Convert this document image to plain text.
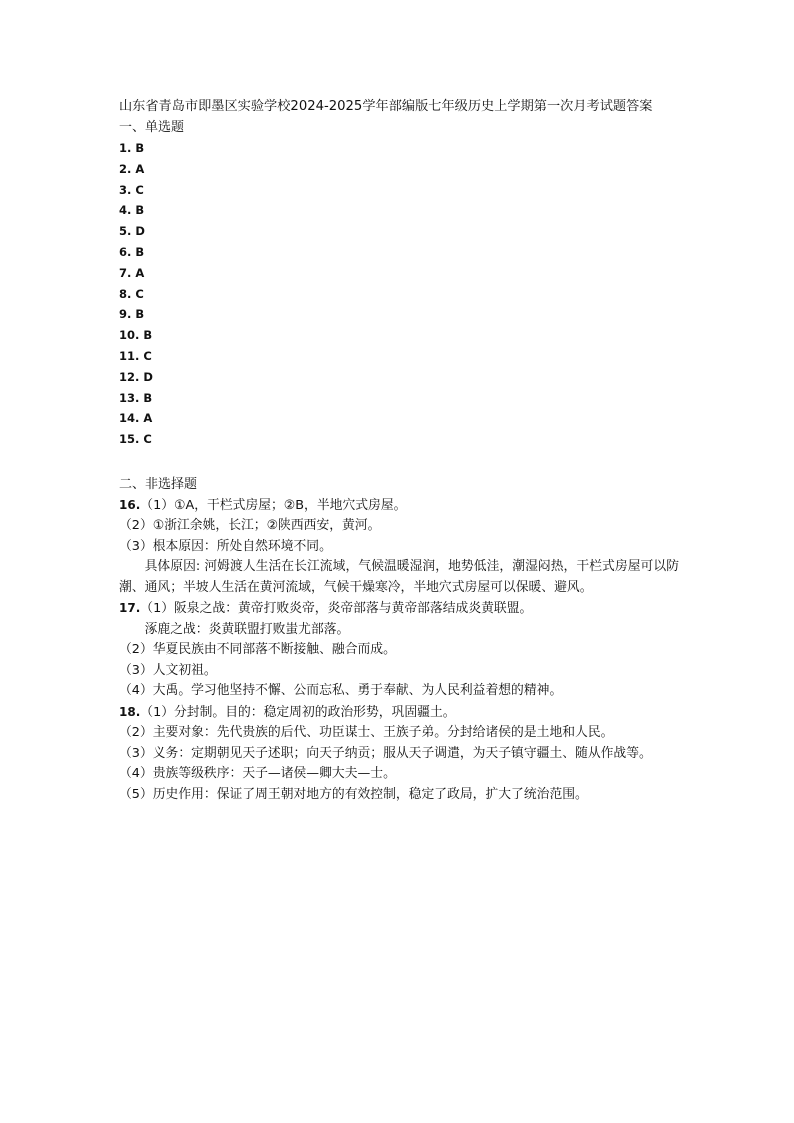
山东省青岛市即墨区实验学校2024-2025学年部编版七年级历史上学期第一次月考试题答案
一、单选题
1. B
2. A
3. C
4. B
5. D
6. B
7. A
8. C
9. B
10. B
11. C
12. D
13. B
14. A
15. C
二、非选择题

16.（1）①A，干栏式房屋；②B，半地穴式房屋。

（2）①浙江余姚，长江；②陕西西安，黄河。

（3）根本原因：所处自然环境不同。

具体原因: 河姆渡人生活在长江流域，气候温暖湿润，地势低洼，潮湿闷热，干栏式房屋可以防潮、通风；半坡人生活在黄河流域，气候干燥寒冷，半地穴式房屋可以保暖、避风。

17.（1）阪泉之战：黄帝打败炎帝，炎帝部落与黄帝部落结成炎黄联盟。

涿鹿之战：炎黄联盟打败蚩尤部落。

（2）华夏民族由不同部落不断接触、融合而成。

（3）人文初祖。

（4）大禹。学习他坚持不懈、公而忘私、勇于奉献、为人民利益着想的精神。

18.（1）分封制。目的：稳定周初的政治形势，巩固疆土。

（2）主要对象：先代贵族的后代、功臣谋士、王族子弟。分封给诸侯的是土地和人民。

（3）义务：定期朝见天子述职；向天子纳贡；服从天子调遣，为天子镇守疆土、随从作战等。

（4）贵族等级秩序：天子—诸侯—卿大夫—士。

（5）历史作用：保证了周王朝对地方的有效控制，稳定了政局，扩大了统治范围。
